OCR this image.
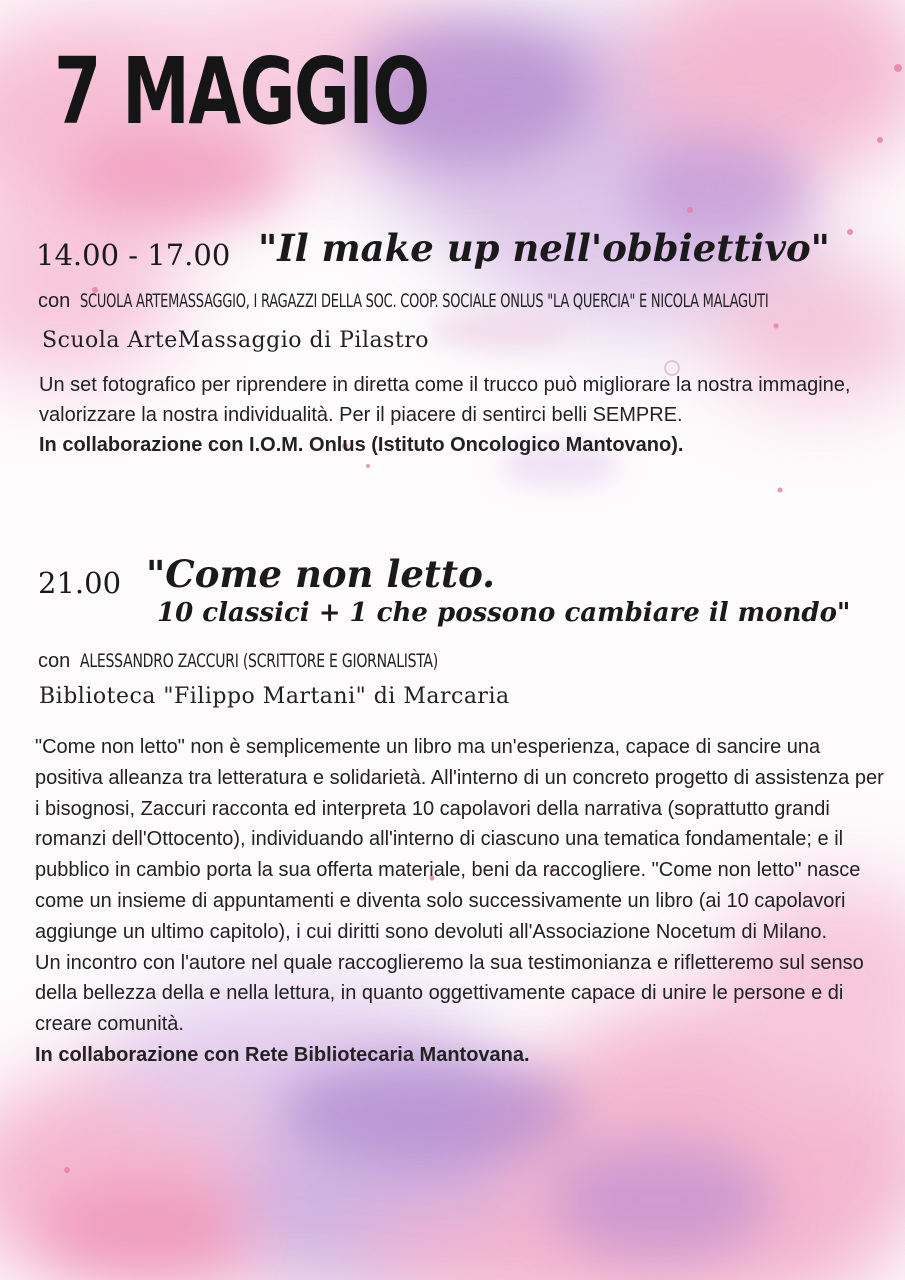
7 MAGGIO
14.00 - 17.00 "Il make up nell'obbiettivo"
con SCUOLA ARTEMASSAGGIO, I RAGAZZI DELLA SOC. COOP. SOCIALE ONLUS "LA QUERCIA" E NICOLA MALAGUTI
Scuola ArteMassaggio di Pilastro

Un set fotografico per riprendere in diretta come il trucco può migliorare la nostra immagine, valorizzare la nostra individualità. Per il piacere di sentirci belli SEMPRE.

In collaborazione con I.O.M. Onlus (Istituto Oncologico Mantovano).

21.00 "Come non letto.
10 classici + 1 che possono cambiare il mondo"
con ALESSANDRO ZACCURI (SCRITTORE E GIORNALISTA)
Biblioteca "Filippo Martani" di Marcaria

"Come non letto" non è semplicemente un libro ma un'esperienza, capace di sancire una positiva alleanza tra letteratura e solidarietà. All'interno di un concreto progetto di assistenza per i bisognosi, Zaccuri racconta ed interpreta 10 capolavori della narrativa (soprattutto grandi romanzi dell'Ottocento), individuando all'interno di ciascuno una tematica fondamentale; e il pubblico in cambio porta la sua offerta materiale, beni da raccogliere. "Come non letto" nasce come un insieme di appuntamenti e diventa solo successivamente un libro (ai 10 capolavori aggiunge un ultimo capitolo), i cui diritti sono devoluti all'Associazione Nocetum di Milano.

Un incontro con l'autore nel quale raccoglieremo la sua testimonianza e rifletteremo sul senso della bellezza della e nella lettura, in quanto oggettivamente capace di unire le persone e di creare comunità.

In collaborazione con Rete Bibliotecaria Mantovana.
